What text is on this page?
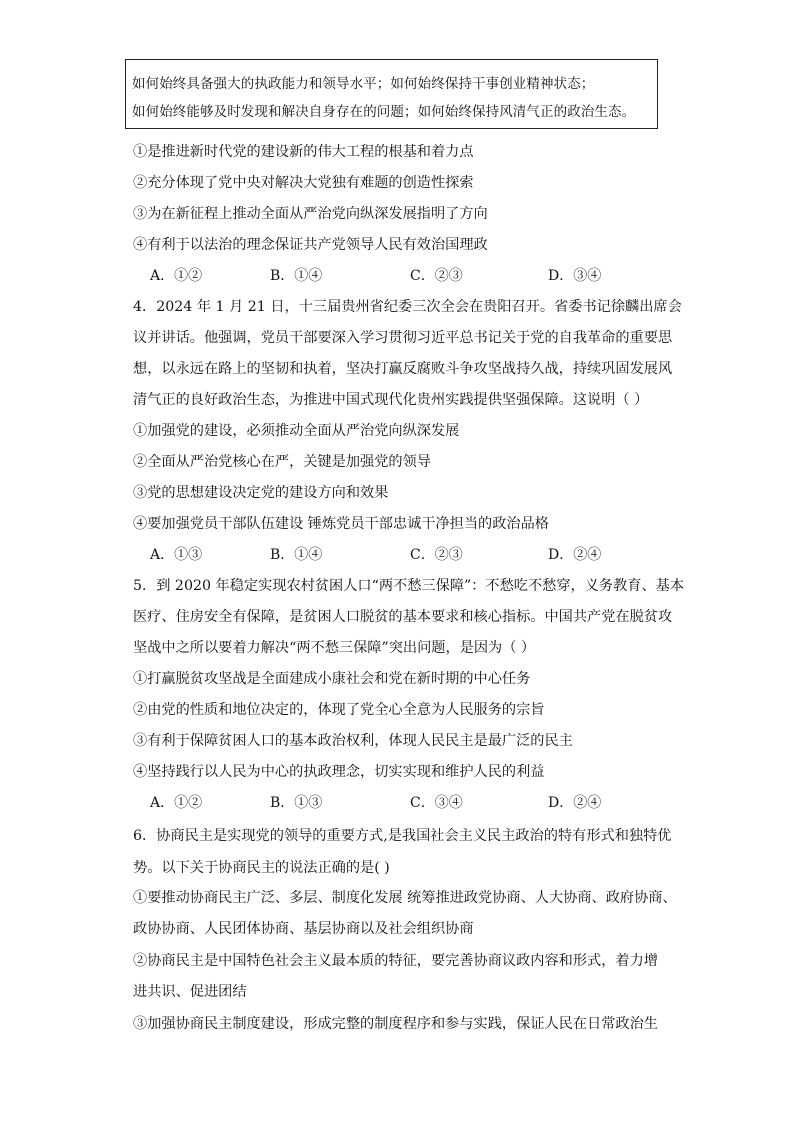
如何始终具备强大的执政能力和领导水平；如何始终保持干事创业精神状态；
如何始终能够及时发现和解决自身存在的问题；如何始终保持风清气正的政治生态。
①是推进新时代党的建设新的伟大工程的根基和着力点
②充分体现了党中央对解决大党独有难题的创造性探索
③为在新征程上推动全面从严治党向纵深发展指明了方向
④有利于以法治的理念保证共产党领导人民有效治国理政
A．①②	B．①④	C．②③	D．③④
4．2024 年 1 月 21 日，十三届贵州省纪委三次全会在贵阳召开。省委书记徐麟出席会
议并讲话。他强调，党员干部要深入学习贯彻习近平总书记关于党的自我革命的重要思
想，以永远在路上的坚韧和执着，坚决打赢反腐败斗争攻坚战持久战，持续巩固发展风
清气正的良好政治生态，为推进中国式现代化贵州实践提供坚强保障。这说明（ ）
①加强党的建设，必须推动全面从严治党向纵深发展
②全面从严治党核心在严，关键是加强党的领导
③党的思想建设决定党的建设方向和效果
④要加强党员干部队伍建设 锤炼党员干部忠诚干净担当的政治品格
A．①③	B．①④	C．②③	D．②④
5．到 2020 年稳定实现农村贫困人口“两不愁三保障”：不愁吃不愁穿，义务教育、基本
医疗、住房安全有保障，是贫困人口脱贫的基本要求和核心指标。中国共产党在脱贫攻
坚战中之所以要着力解决“两不愁三保障”突出问题，是因为（ ）
①打赢脱贫攻坚战是全面建成小康社会和党在新时期的中心任务
②由党的性质和地位决定的，体现了党全心全意为人民服务的宗旨
③有利于保障贫困人口的基本政治权利，体现人民民主是最广泛的民主
④坚持践行以人民为中心的执政理念，切实实现和维护人民的利益
A．①②	B．①③	C．③④	D．②④
6．协商民主是实现党的领导的重要方式,是我国社会主义民主政治的特有形式和独特优
势。以下关于协商民主的说法正确的是( )
①要推动协商民主广泛、多层、制度化发展 统筹推进政党协商、人大协商、政府协商、
政协协商、人民团体协商、基层协商以及社会组织协商
②协商民主是中国特色社会主义最本质的特征，要完善协商议政内容和形式，着力增
进共识、促进团结
③加强协商民主制度建设，形成完整的制度程序和参与实践，保证人民在日常政治生
